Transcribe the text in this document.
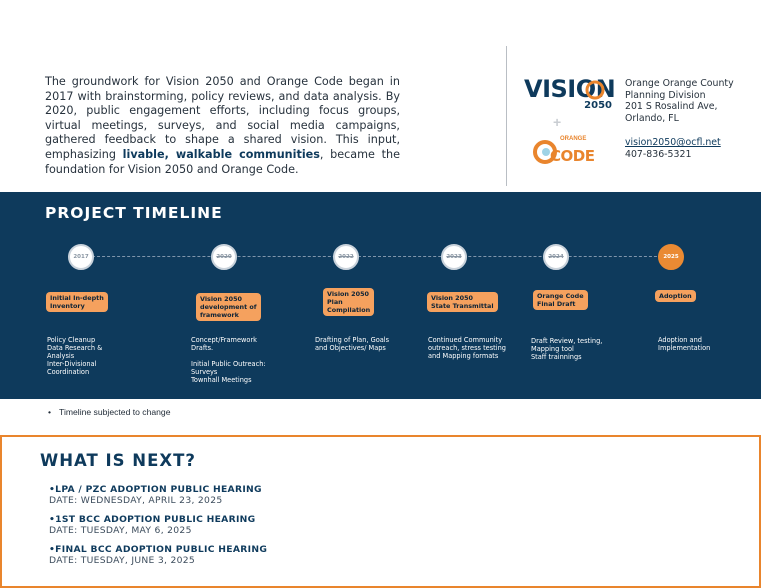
The groundwork for Vision 2050 and Orange Code began in 2017 with brainstorming, policy reviews, and data analysis. By 2020, public engagement efforts, including focus groups, virtual meetings, surveys, and social media campaigns, gathered feedback to shape a shared vision. This input, emphasizing livable, walkable communities, became the foundation for Vision 2050 and Orange Code.

VISION
2050
+
ORANGE
CODE
Orange Orange County
Planning Division
201 S Rosalind Ave,
Orlando, FL
vision2050@ocfl.net
407-836-5321
PROJECT TIMELINE
2017	2020	2022	2023	2024	2025
Initial In-depth
Inventory
Vision 2050
development of
framework
Vision 2050
Plan
Compilation
Vision 2050
State Transmittal
Orange Code
Final Draft
Adoption
Policy Cleanup
Data Research &
Analysis
Inter-Divisional
Coordination
Concept/Framework
Drafts.

Initial Public Outreach:
Surveys
Townhall Meetings
Drafting of Plan, Goals
and Objectives/ Maps
Continued Community
outreach, stress testing
and Mapping formats
Draft Review, testing,
Mapping tool
Staff trainnings
Adoption and
Implementation
• Timeline subjected to change
WHAT IS NEXT?
•LPA / PZC ADOPTION PUBLIC HEARING
DATE: WEDNESDAY, APRIL 23, 2025
•1ST BCC ADOPTION PUBLIC HEARING
DATE: TUESDAY, MAY 6, 2025
•FINAL BCC ADOPTION PUBLIC HEARING
DATE: TUESDAY, JUNE 3, 2025
